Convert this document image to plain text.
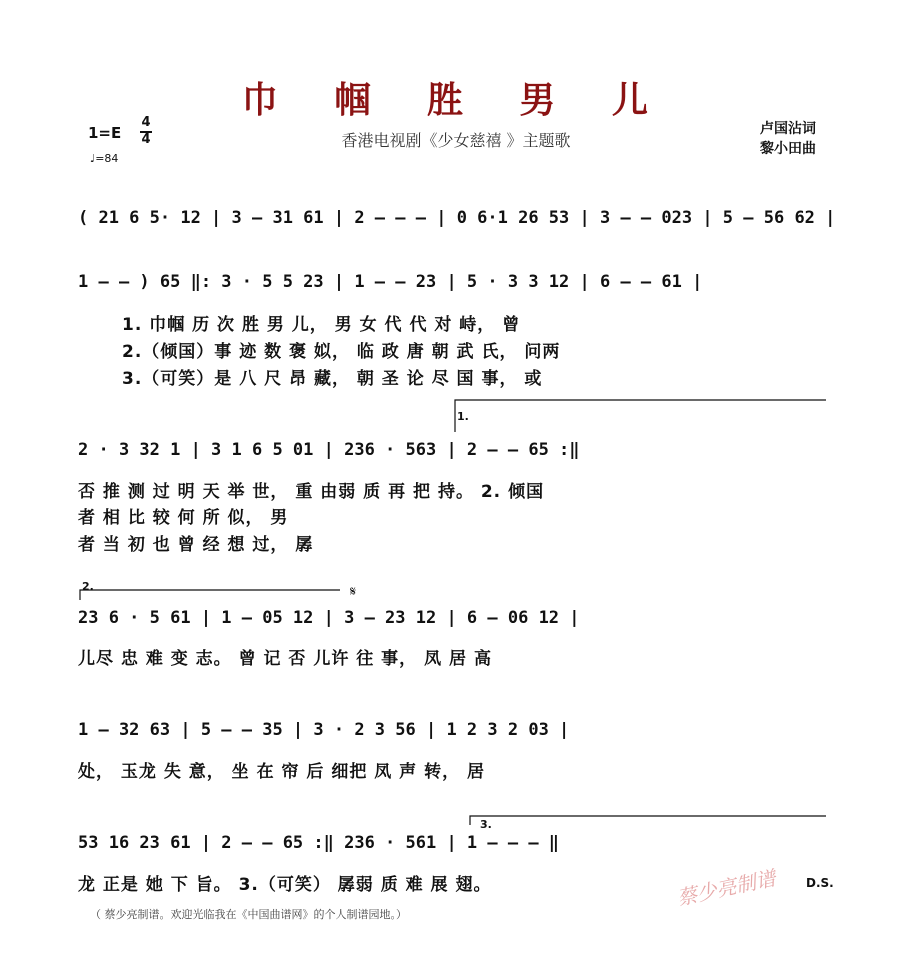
巾 帼 胜 男 儿
香港电视剧《少女慈禧 》主题歌
1=E
4
4
♩=84
卢国沾词
黎小田曲
( 21 6 5· 12 | 3 — 31 61 | 2 — — — | 0 6·1 26 53 | 3 — — 023 | 5 — 56 62 |
1 — — ) 65 ‖: 3 · 5 5 23 | 1 — — 23 | 5 · 3 3 12 | 6 — — 61 |
1. 巾帼 历 次 胜 男 儿， 男 女 代 代 对 峙， 曾
2.（倾国）事 迹 数 褒 姒， 临 政 唐 朝 武 氏， 问两
3.（可笑）是 八 尺 昂 藏， 朝 圣 论 尽 国 事， 或
1.
2 · 3 32 1 | 3 1 6 5 01 | 236 · 563 | 2 — — 65 :‖
否 推 测 过 明 天 举 世， 重 由弱 质 再 把 持。 2. 倾国
者 相 比 较 何 所 似， 男
者 当 初 也 曾 经 想 过， 孱
2.	𝄋
23 6 · 5 61 | 1 — 05 12 | 3 — 23 12 | 6 — 06 12 |
儿尽 忠 难 变 志。 曾 记 否 儿许 往 事， 凤 居 高
1 — 32 63 | 5 — — 35 | 3 · 2 3 56 | 1 2 3 2 03 |
处， 玉龙 失 意， 坐 在 帘 后 细把 凤 声 转， 居
3.
53 16 23 61 | 2 — — 65 :‖ 236 · 561 | 1 — — — ‖
龙 正是 她 下 旨。 3.（可笑） 孱弱 质 难 展 翅。	D.S.
蔡少亮制谱
（ 蔡少亮制谱。欢迎光临我在《中国曲谱网》的个人制谱园地。）
